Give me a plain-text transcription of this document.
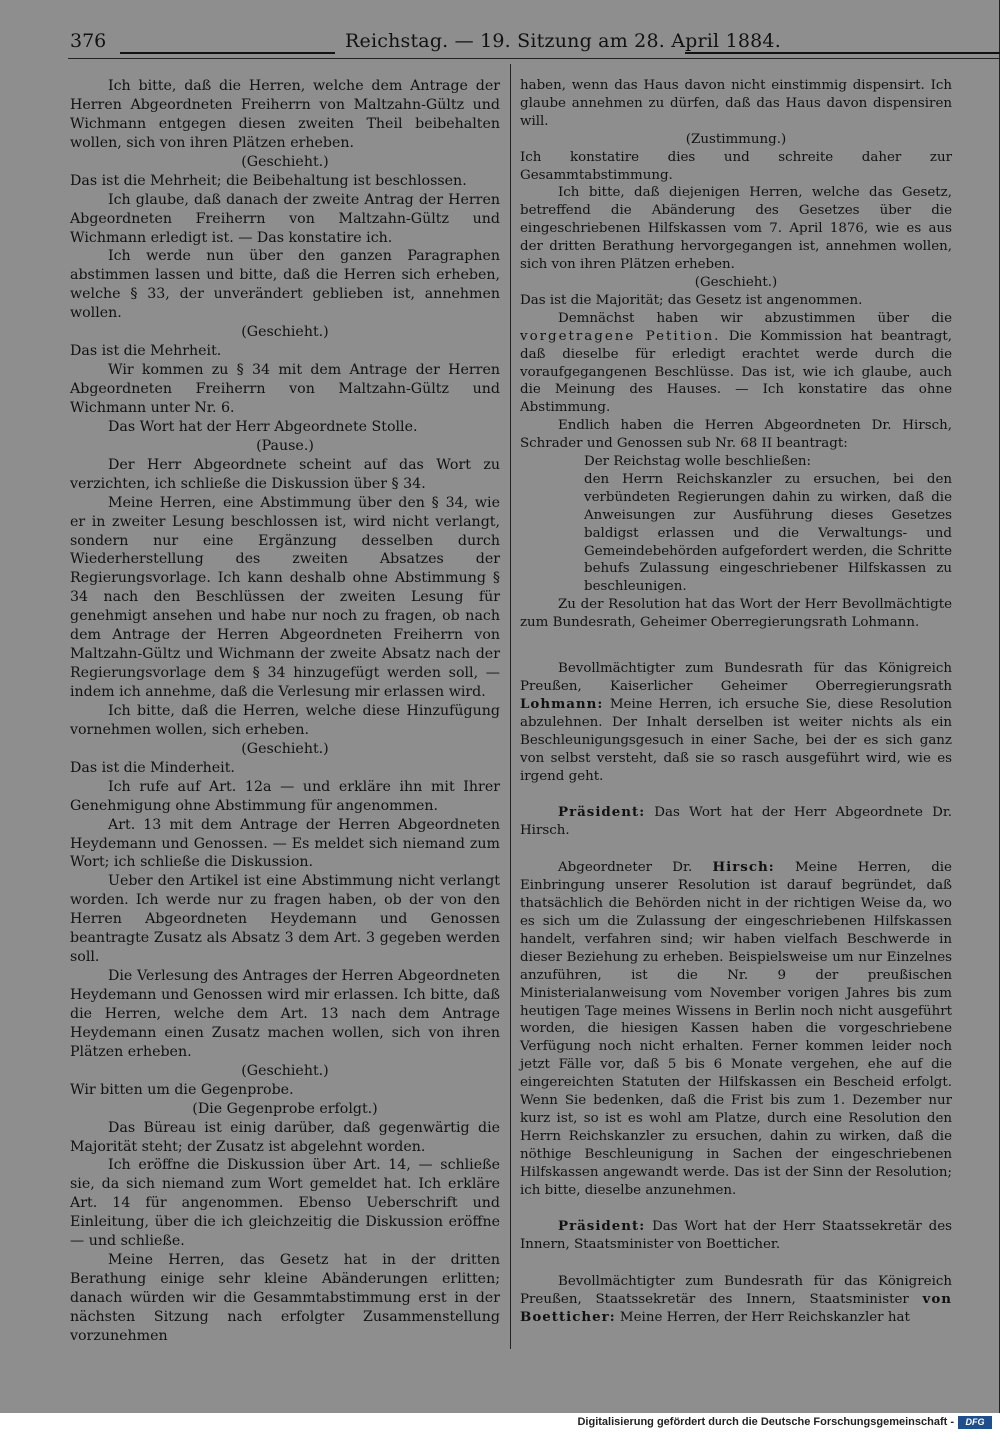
376	Reichstag. — 19. Sitzung am 28. April 1884.

Ich bitte, daß die Herren, welche dem Antrage der Herren Abgeordneten Freiherrn von Maltzahn-Gültz und Wichmann entgegen diesen zweiten Theil beibehalten wollen, sich von ihren Plätzen erheben.

(Geschieht.)

Das ist die Mehrheit; die Beibehaltung ist beschlossen.

Ich glaube, daß danach der zweite Antrag der Herren Abgeordneten Freiherrn von Maltzahn-Gültz und Wichmann erledigt ist. — Das konstatire ich.

Ich werde nun über den ganzen Paragraphen abstimmen lassen und bitte, daß die Herren sich erheben, welche § 33, der unverändert geblieben ist, annehmen wollen.

(Geschieht.)

Das ist die Mehrheit.

Wir kommen zu § 34 mit dem Antrage der Herren Abgeordneten Freiherrn von Maltzahn-Gültz und Wichmann unter Nr. 6.

Das Wort hat der Herr Abgeordnete Stolle.

(Pause.)

Der Herr Abgeordnete scheint auf das Wort zu verzichten, ich schließe die Diskussion über § 34.

Meine Herren, eine Abstimmung über den § 34, wie er in zweiter Lesung beschlossen ist, wird nicht verlangt, sondern nur eine Ergänzung desselben durch Wiederherstellung des zweiten Absatzes der Regierungsvorlage. Ich kann deshalb ohne Abstimmung § 34 nach den Beschlüssen der zweiten Lesung für genehmigt ansehen und habe nur noch zu fragen, ob nach dem Antrage der Herren Abgeordneten Freiherrn von Maltzahn-Gültz und Wichmann der zweite Absatz nach der Regierungsvorlage dem § 34 hinzugefügt werden soll, — indem ich annehme, daß die Verlesung mir erlassen wird.

Ich bitte, daß die Herren, welche diese Hinzufügung vornehmen wollen, sich erheben.

(Geschieht.)

Das ist die Minderheit.

Ich rufe auf Art. 12a — und erkläre ihn mit Ihrer Genehmigung ohne Abstimmung für angenommen.

Art. 13 mit dem Antrage der Herren Abgeordneten Heydemann und Genossen. — Es meldet sich niemand zum Wort; ich schließe die Diskussion.

Ueber den Artikel ist eine Abstimmung nicht verlangt worden. Ich werde nur zu fragen haben, ob der von den Herren Abgeordneten Heydemann und Genossen beantragte Zusatz als Absatz 3 dem Art. 3 gegeben werden soll.

Die Verlesung des Antrages der Herren Abgeordneten Heydemann und Genossen wird mir erlassen. Ich bitte, daß die Herren, welche dem Art. 13 nach dem Antrage Heydemann einen Zusatz machen wollen, sich von ihren Plätzen erheben.

(Geschieht.)

Wir bitten um die Gegenprobe.

(Die Gegenprobe erfolgt.)

Das Büreau ist einig darüber, daß gegenwärtig die Majorität steht; der Zusatz ist abgelehnt worden.

Ich eröffne die Diskussion über Art. 14, — schließe sie, da sich niemand zum Wort gemeldet hat. Ich erkläre Art. 14 für angenommen. Ebenso Ueberschrift und Einleitung, über die ich gleichzeitig die Diskussion eröffne — und schließe.

Meine Herren, das Gesetz hat in der dritten Berathung einige sehr kleine Abänderungen erlitten; danach würden wir die Gesammtabstimmung erst in der nächsten Sitzung nach erfolgter Zusammenstellung vorzunehmen

haben, wenn das Haus davon nicht einstimmig dispensirt. Ich glaube annehmen zu dürfen, daß das Haus davon dispensiren will.

(Zustimmung.)

Ich konstatire dies und schreite daher zur Gesammtabstimmung.

Ich bitte, daß diejenigen Herren, welche das Gesetz, betreffend die Abänderung des Gesetzes über die eingeschriebenen Hilfskassen vom 7. April 1876, wie es aus der dritten Berathung hervorgegangen ist, annehmen wollen, sich von ihren Plätzen erheben.

(Geschieht.)

Das ist die Majorität; das Gesetz ist angenommen.

Demnächst haben wir abzustimmen über die vorgetragene Petition. Die Kommission hat beantragt, daß dieselbe für erledigt erachtet werde durch die voraufgegangenen Beschlüsse. Das ist, wie ich glaube, auch die Meinung des Hauses. — Ich konstatire das ohne Abstimmung.

Endlich haben die Herren Abgeordneten Dr. Hirsch, Schrader und Genossen sub Nr. 68 II beantragt:

Der Reichstag wolle beschließen:

den Herrn Reichskanzler zu ersuchen, bei den verbündeten Regierungen dahin zu wirken, daß die Anweisungen zur Ausführung dieses Gesetzes baldigst erlassen und die Verwaltungs- und Gemeindebehörden aufgefordert werden, die Schritte behufs Zulassung eingeschriebener Hilfskassen zu beschleunigen.

Zu der Resolution hat das Wort der Herr Bevollmächtigte zum Bundesrath, Geheimer Oberregierungsrath Lohmann.

Bevollmächtigter zum Bundesrath für das Königreich Preußen, Kaiserlicher Geheimer Oberregierungsrath Lohmann: Meine Herren, ich ersuche Sie, diese Resolution abzulehnen. Der Inhalt derselben ist weiter nichts als ein Beschleunigungsgesuch in einer Sache, bei der es sich ganz von selbst versteht, daß sie so rasch ausgeführt wird, wie es irgend geht.

Präsident: Das Wort hat der Herr Abgeordnete Dr. Hirsch.

Abgeordneter Dr. Hirsch: Meine Herren, die Einbringung unserer Resolution ist darauf begründet, daß thatsächlich die Behörden nicht in der richtigen Weise da, wo es sich um die Zulassung der eingeschriebenen Hilfskassen handelt, verfahren sind; wir haben vielfach Beschwerde in dieser Beziehung zu erheben. Beispielsweise um nur Einzelnes anzuführen, ist die Nr. 9 der preußischen Ministerialanweisung vom November vorigen Jahres bis zum heutigen Tage meines Wissens in Berlin noch nicht ausgeführt worden, die hiesigen Kassen haben die vorgeschriebene Verfügung noch nicht erhalten. Ferner kommen leider noch jetzt Fälle vor, daß 5 bis 6 Monate vergehen, ehe auf die eingereichten Statuten der Hilfskassen ein Bescheid erfolgt. Wenn Sie bedenken, daß die Frist bis zum 1. Dezember nur kurz ist, so ist es wohl am Platze, durch eine Resolution den Herrn Reichskanzler zu ersuchen, dahin zu wirken, daß die nöthige Beschleunigung in Sachen der eingeschriebenen Hilfskassen angewandt werde. Das ist der Sinn der Resolution; ich bitte, dieselbe anzunehmen.

Präsident: Das Wort hat der Herr Staatssekretär des Innern, Staatsminister von Boetticher.

Bevollmächtigter zum Bundesrath für das Königreich Preußen, Staatssekretär des Innern, Staatsminister von Boetticher: Meine Herren, der Herr Reichskanzler hat

Digitalisierung gefördert durch die Deutsche Forschungsgemeinschaft -	DFG
